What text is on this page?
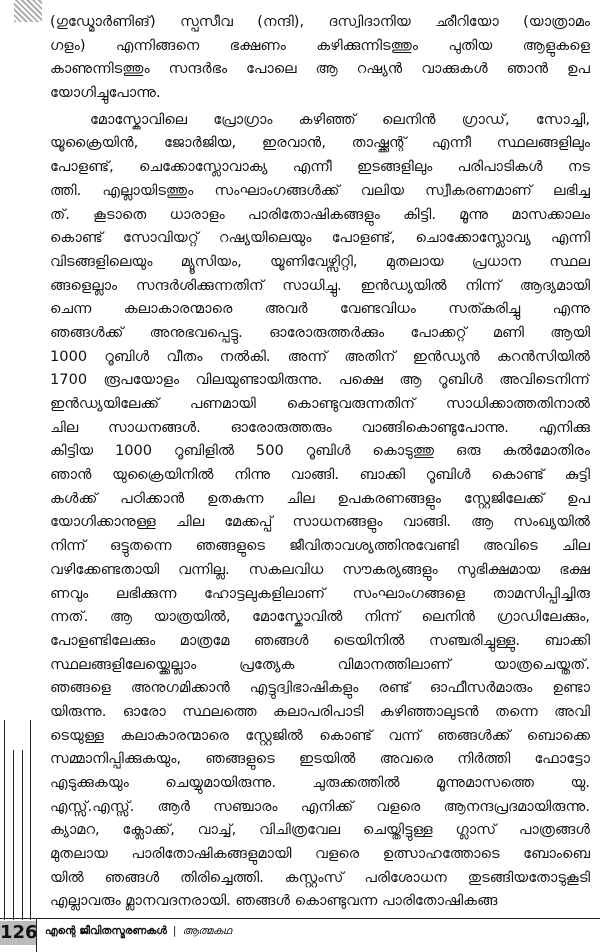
(ഗുഡ്മോർണിങ്) സ്പസീവ (നന്ദി), ദസ്വിദാനിയ ഛീറിയോ (യാത്രാമം
ഗളം) എന്നിങ്ങനെ ഭക്ഷണം കഴിക്കുന്നിടത്തും പുതിയ ആളുകളെ
കാണുന്നിടത്തും സന്ദർഭം പോലെ ആ റഷ്യൻ വാക്കുകൾ ഞാൻ ഉപ
യോഗിച്ചുപോന്നു.
മോസ്കോവിലെ പ്രോഗ്രാം കഴിഞ്ഞ് ലെനിൻ ഗ്രാഡ്, സോച്ചി,
യൂക്രൈയിൻ, ജോർജിയ, ഇരവാൻ, താഷ്ക്കന്റ് എന്നീ സ്ഥലങ്ങളിലും
പോളണ്ട്, ചെക്കോസ്ലോവാക്യ എന്നീ ഇടങ്ങളിലും പരിപാടികൾ നട
ത്തി. എല്ലായിടത്തും സംഘാംഗങ്ങൾക്ക് വലിയ സ്വീകരണമാണ് ലഭിച്ച
ത്. കൂടാതെ ധാരാളം പാരിതോഷികങ്ങളും കിട്ടി. മൂന്നു മാസക്കാലം
കൊണ്ട് സോവിയറ്റ് റഷ്യയിലെയും പോളണ്ട്, ചൊക്കോസ്ലോവ്യ എന്നി
വിടങ്ങളിലെയും മ്യൂസിയം, യൂണിവേഴ്സിറ്റി, മുതലായ പ്രധാന സ്ഥല
ങ്ങളെല്ലാം സന്ദർശിക്കുന്നതിന് സാധിച്ചു. ഇൻഡ്യയിൽ നിന്ന് ആദ്യമായി
ചെന്ന കലാകാരന്മാരെ അവർ വേണ്ടവിധം സത്കരിച്ചു എന്നു
ഞങ്ങൾക്ക് അനുഭവപ്പെട്ടു. ഓരോരുത്തർക്കും പോക്കറ്റ് മണി ആയി
1000 റൂബിൾ വീതം നൽകി. അന്ന് അതിന് ഇൻഡ്യൻ കറൻസിയിൽ
1700 രൂപയോളം വിലയുണ്ടായിരുന്നു. പക്ഷെ ആ റൂബിൾ അവിടെനിന്ന്
ഇൻഡ്യയിലേക്ക് പണമായി കൊണ്ടുവരുന്നതിന് സാധിക്കാത്തതിനാൽ
ചില സാധനങ്ങൾ. ഓരോരുത്തരും വാങ്ങികൊണ്ടുപോന്നു. എനിക്കു
കിട്ടിയ 1000 റൂബിളിൽ 500 റൂബിൾ കൊടുത്തു ഒരു കൽമോതിരം
ഞാൻ യുക്രൈയിനിൽ നിന്നു വാങ്ങി. ബാക്കി റൂബിൾ കൊണ്ട് കുട്ടി
കൾക്ക് പഠിക്കാൻ ഉതകുന്ന ചില ഉപകരണങ്ങളും സ്റ്റേജിലേക്ക് ഉപ
യോഗിക്കാനുള്ള ചില മേക്കപ്പ് സാധനങ്ങളും വാങ്ങി. ആ സംഖ്യയിൽ
നിന്ന് ഒട്ടുതന്നെ ഞങ്ങളുടെ ജീവിതാവശ്യത്തിനുവേണ്ടി അവിടെ ചില
വഴിക്കേണ്ടതായി വന്നില്ല. സകലവിധ സൗകര്യങ്ങളും സുഭിക്ഷമായ ഭക്ഷ
ണവും ലഭിക്കുന്ന ഹോട്ടലുകളിലാണ് സംഘാംഗങ്ങളെ താമസിപ്പിച്ചിരു
ന്നത്. ആ യാത്രയിൽ, മോസ്കോവിൽ നിന്ന് ലെനിൻ ഗ്രാഡിലേക്കും,
പോളണ്ടിലേക്കും മാത്രമേ ഞങ്ങൾ ട്രെയിനിൽ സഞ്ചരിച്ചുള്ളു. ബാക്കി
സ്ഥലങ്ങളിലേയ്ക്കെല്ലാം പ്രത്യേക വിമാനത്തിലാണ് യാത്രചെയ്തത്.
ഞങ്ങളെ അനുഗമിക്കാൻ എട്ടുദ്വിഭാഷികളും രണ്ട് ഓഫീസർമാരും ഉണ്ടാ
യിരുന്നു. ഓരോ സ്ഥലത്തെ കലാപരിപാടി കഴിഞ്ഞാലുടൻ തന്നെ അവി
ടെയുള്ള കലാകാരന്മാരെ സ്റ്റേജിൽ കൊണ്ട് വന്ന് ഞങ്ങൾക്ക് ബൊക്കെ
സമ്മാനിപ്പിക്കുകയും, ഞങ്ങളുടെ ഇടയിൽ അവരെ നിർത്തി ഫോട്ടോ
എടുക്കുകയും ചെയ്യുമായിരുന്നു. ചുരുക്കത്തിൽ മൂന്നുമാസത്തെ യു.
എസ്സ്.എസ്സ്. ആർ സഞ്ചാരം എനിക്ക് വളരെ ആനന്ദപ്രദമായിരുന്നു.
ക്യാമറ, ക്ലോക്ക്, വാച്ച്, വിചിത്രവേല ചെയ്തിട്ടുള്ള ഗ്ലാസ് പാത്രങ്ങൾ
മുതലായ പാരിതോഷികങ്ങളുമായി വളരെ ഉത്സാഹത്തോടെ ബോംബെ
യിൽ ഞങ്ങൾ തിരിച്ചെത്തി. കസ്റ്റംസ് പരിശോധന തുടങ്ങിയതോടുകൂടി
എല്ലാവരും മ്ലാനവദനരായി. ഞങ്ങൾ കൊണ്ടുവന്ന പാരിതോഷികങ്ങ
126 എന്റെ ജീവിതസ്മരണകൾ | ആത്മകഥ
